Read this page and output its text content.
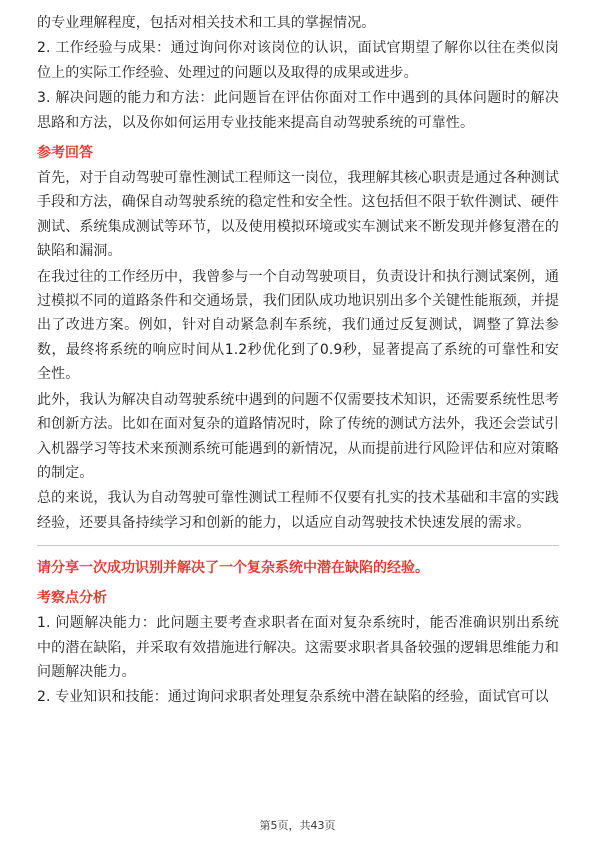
的专业理解程度，包括对相关技术和工具的掌握情况。

2. 工作经验与成果：通过询问你对该岗位的认识，面试官期望了解你以往在类似岗位上的实际工作经验、处理过的问题以及取得的成果或进步。

3. 解决问题的能力和方法：此问题旨在评估你面对工作中遇到的具体问题时的解决思路和方法，以及你如何运用专业技能来提高自动驾驶系统的可靠性。

参考回答

首先，对于自动驾驶可靠性测试工程师这一岗位，我理解其核心职责是通过各种测试手段和方法，确保自动驾驶系统的稳定性和安全性。这包括但不限于软件测试、硬件测试、系统集成测试等环节，以及使用模拟环境或实车测试来不断发现并修复潜在的缺陷和漏洞。

在我过往的工作经历中，我曾参与一个自动驾驶项目，负责设计和执行测试案例，通过模拟不同的道路条件和交通场景，我们团队成功地识别出多个关键性能瓶颈，并提出了改进方案。例如，针对自动紧急刹车系统，我们通过反复测试，调整了算法参数，最终将系统的响应时间从1.2秒优化到了0.9秒，显著提高了系统的可靠性和安全性。

此外，我认为解决自动驾驶系统中遇到的问题不仅需要技术知识，还需要系统性思考和创新方法。比如在面对复杂的道路情况时，除了传统的测试方法外，我还会尝试引入机器学习等技术来预测系统可能遇到的新情况，从而提前进行风险评估和应对策略的制定。

总的来说，我认为自动驾驶可靠性测试工程师不仅要有扎实的技术基础和丰富的实践经验，还要具备持续学习和创新的能力，以适应自动驾驶技术快速发展的需求。

请分享一次成功识别并解决了一个复杂系统中潜在缺陷的经验。
考察点分析

1. 问题解决能力：此问题主要考查求职者在面对复杂系统时，能否准确识别出系统中的潜在缺陷，并采取有效措施进行解决。这需要求职者具备较强的逻辑思维能力和问题解决能力。

2. 专业知识和技能：通过询问求职者处理复杂系统中潜在缺陷的经验，面试官可以

第5页，共43页
